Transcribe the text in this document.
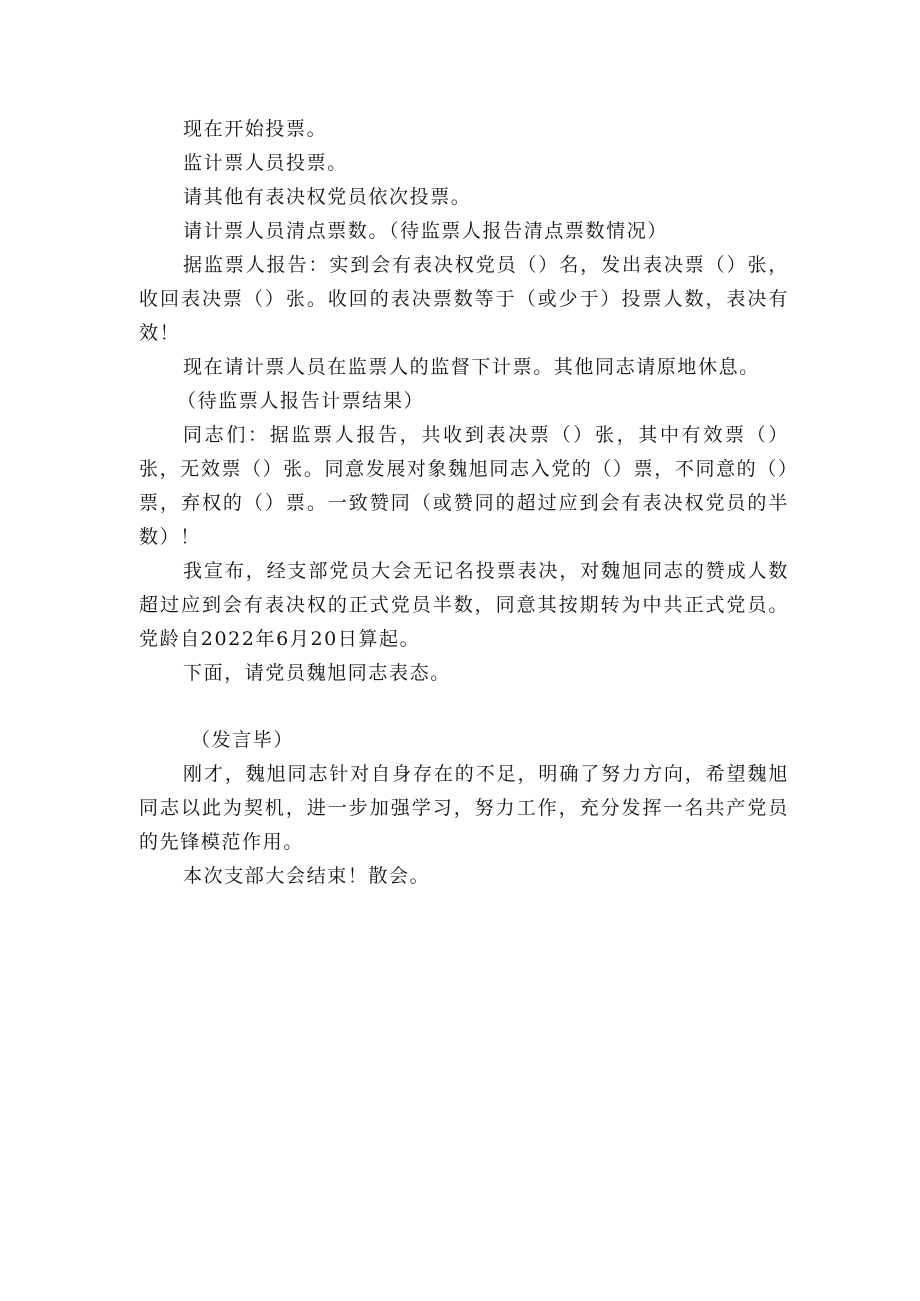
现在开始投票。

监计票人员投票。

请其他有表决权党员依次投票。

请计票人员清点票数。（待监票人报告清点票数情况）

据监票人报告：实到会有表决权党员（）名，发出表决票（）张，收回表决票（）张。收回的表决票数等于（或少于）投票人数，表决有效！

现在请计票人员在监票人的监督下计票。其他同志请原地休息。

（待监票人报告计票结果）

同志们：据监票人报告，共收到表决票（）张，其中有效票（）张，无效票（）张。同意发展对象魏旭同志入党的（）票，不同意的（）票，弃权的（）票。一致赞同（或赞同的超过应到会有表决权党员的半数）！

我宣布，经支部党员大会无记名投票表决，对魏旭同志的赞成人数超过应到会有表决权的正式党员半数，同意其按期转为中共正式党员。党龄自2022年6月20日算起。

下面，请党员魏旭同志表态。

（发言毕）

刚才，魏旭同志针对自身存在的不足，明确了努力方向，希望魏旭同志以此为契机，进一步加强学习，努力工作，充分发挥一名共产党员的先锋模范作用。

本次支部大会结束！散会。
